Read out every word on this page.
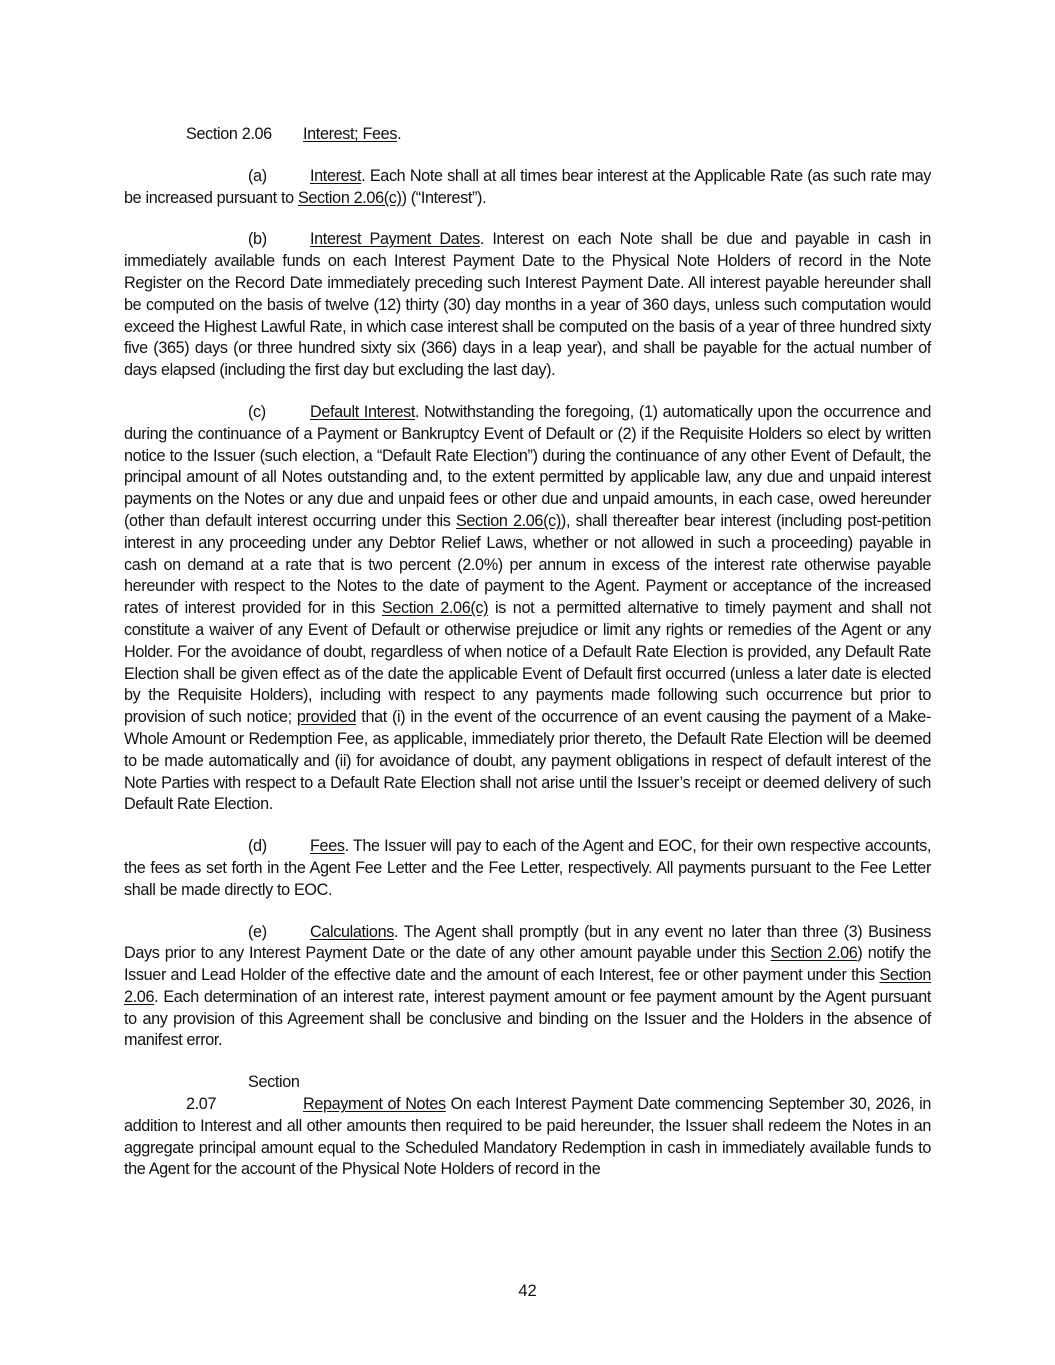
Section 2.06 Interest; Fees.

(a)	Interest. Each Note shall at all times bear interest at the Applicable Rate (as such rate may be increased pursuant to Section 2.06(c)) (“Interest”).

(b)	Interest Payment Dates. Interest on each Note shall be due and payable in cash in immediately available funds on each Interest Payment Date to the Physical Note Holders of record in the Note Register on the Record Date immediately preceding such Interest Payment Date. All interest payable hereunder shall be computed on the basis of twelve (12) thirty (30) day months in a year of 360 days, unless such computation would exceed the Highest Lawful Rate, in which case interest shall be computed on the basis of a year of three hundred sixty five (365) days (or three hundred sixty six (366) days in a leap year), and shall be payable for the actual number of days elapsed (including the first day but excluding the last day).

(c)	Default Interest. Notwithstanding the foregoing, (1) automatically upon the occurrence and during the continuance of a Payment or Bankruptcy Event of Default or (2) if the Requisite Holders so elect by written notice to the Issuer (such election, a “Default Rate Election”) during the continuance of any other Event of Default, the principal amount of all Notes outstanding and, to the extent permitted by applicable law, any due and unpaid interest payments on the Notes or any due and unpaid fees or other due and unpaid amounts, in each case, owed hereunder (other than default interest occurring under this Section 2.06(c)), shall thereafter bear interest (including post-petition interest in any proceeding under any Debtor Relief Laws, whether or not allowed in such a proceeding) payable in cash on demand at a rate that is two percent (2.0%) per annum in excess of the interest rate otherwise payable hereunder with respect to the Notes to the date of payment to the Agent. Payment or acceptance of the increased rates of interest provided for in this Section 2.06(c) is not a permitted alternative to timely payment and shall not constitute a waiver of any Event of Default or otherwise prejudice or limit any rights or remedies of the Agent or any Holder. For the avoidance of doubt, regardless of when notice of a Default Rate Election is provided, any Default Rate Election shall be given effect as of the date the applicable Event of Default first occurred (unless a later date is elected by the Requisite Holders), including with respect to any payments made following such occurrence but prior to provision of such notice; provided that (i) in the event of the occurrence of an event causing the payment of a Make-Whole Amount or Redemption Fee, as applicable, immediately prior thereto, the Default Rate Election will be deemed to be made automatically and (ii) for avoidance of doubt, any payment obligations in respect of default interest of the Note Parties with respect to a Default Rate Election shall not arise until the Issuer’s receipt or deemed delivery of such Default Rate Election.

(d)	Fees. The Issuer will pay to each of the Agent and EOC, for their own respective accounts, the fees as set forth in the Agent Fee Letter and the Fee Letter, respectively. All payments pursuant to the Fee Letter shall be made directly to EOC.

(e)	Calculations. The Agent shall promptly (but in any event no later than three (3) Business Days prior to any Interest Payment Date or the date of any other amount payable under this Section 2.06) notify the Issuer and Lead Holder of the effective date and the amount of each Interest, fee or other payment under this Section 2.06. Each determination of an interest rate, interest payment amount or fee payment amount by the Agent pursuant to any provision of this Agreement shall be conclusive and binding on the Issuer and the Holders in the absence of manifest error.

Section 2.07	Repayment of Notes On each Interest Payment Date commencing September 30, 2026, in addition to Interest and all other amounts then required to be paid hereunder, the Issuer shall redeem the Notes in an aggregate principal amount equal to the Scheduled Mandatory Redemption in cash in immediately available funds to the Agent for the account of the Physical Note Holders of record in the

42
